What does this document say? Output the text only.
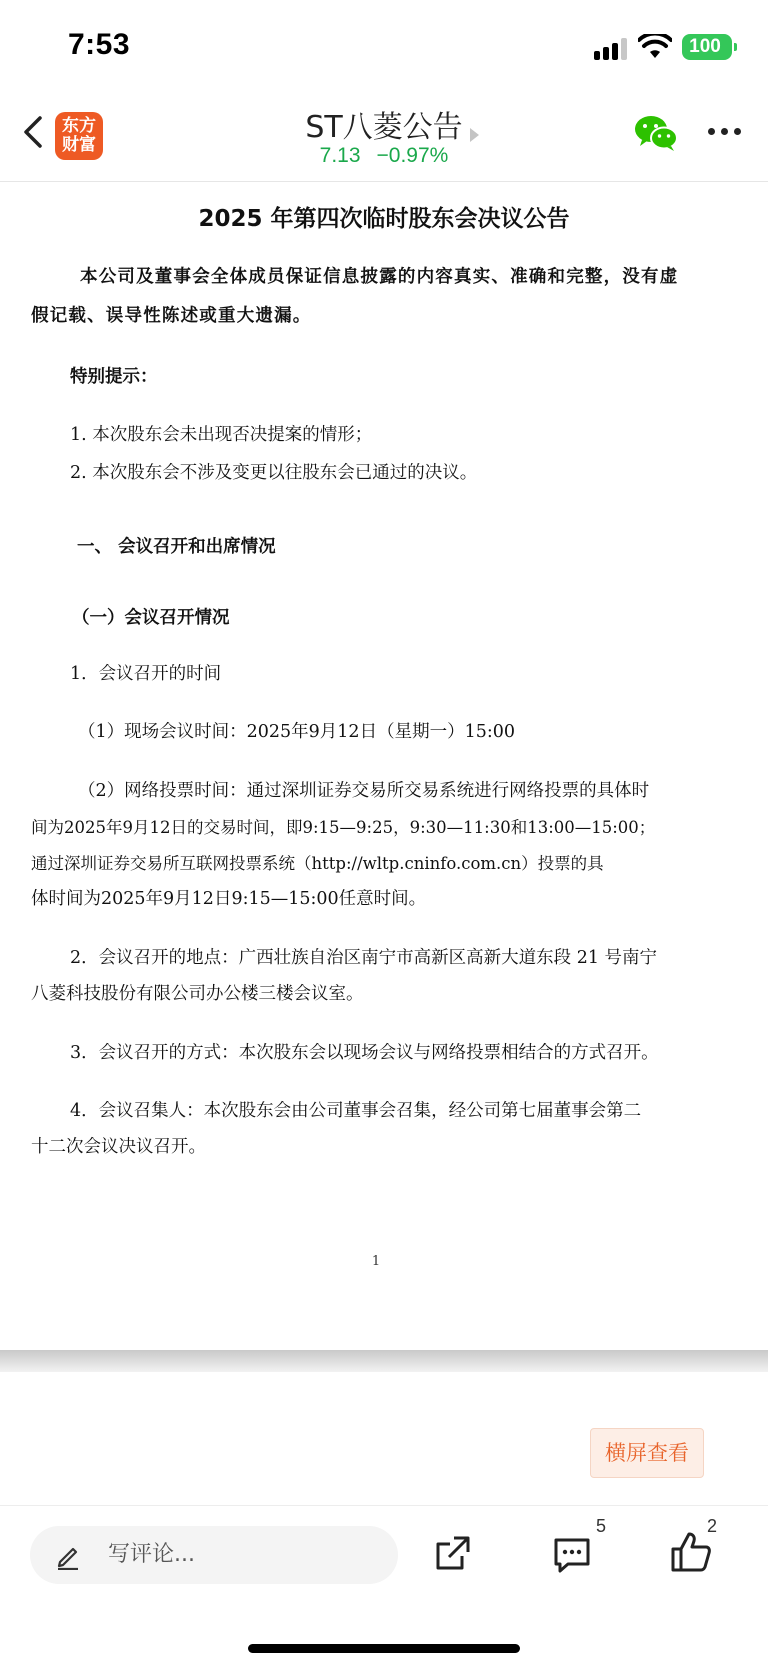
7:53	100
东方
财富	ST八菱公告
7.13 −0.97%
2025 年第四次临时股东会决议公告
本公司及董事会全体成员保证信息披露的内容真实、准确和完整，没有虚
假记载、误导性陈述或重大遗漏。
特别提示：
1. 本次股东会未出现否决提案的情形；
2. 本次股东会不涉及变更以往股东会已通过的决议。
一、 会议召开和出席情况
（一）会议召开情况
1．会议召开的时间
（1）现场会议时间：2025年9月12日（星期一）15:00
（2）网络投票时间：通过深圳证券交易所交易系统进行网络投票的具体时
间为2025年9月12日的交易时间，即9:15—9:25，9:30—11:30和13:00—15:00；
通过深圳证券交易所互联网投票系统（http://wltp.cninfo.com.cn）投票的具
体时间为2025年9月12日9:15—15:00任意时间。
2．会议召开的地点：广西壮族自治区南宁市高新区高新大道东段 21 号南宁
八菱科技股份有限公司办公楼三楼会议室。
3．会议召开的方式：本次股东会以现场会议与网络投票相结合的方式召开。
4．会议召集人：本次股东会由公司董事会召集，经公司第七届董事会第二
十二次会议决议召开。
1
横屏查看
写评论...
5	2
